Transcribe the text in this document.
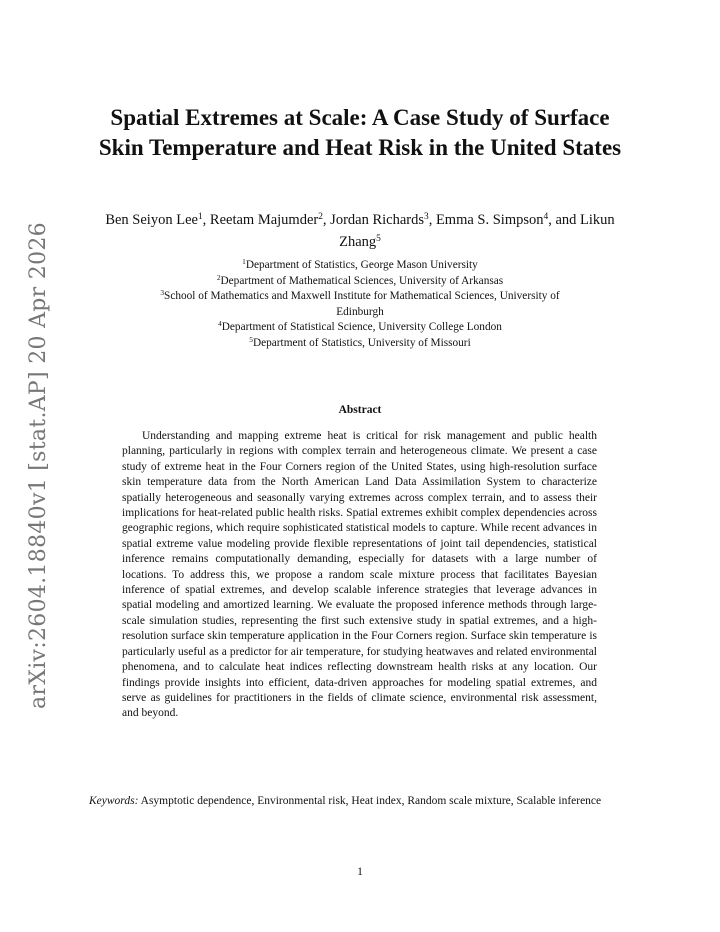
arXiv:2604.18840v1 [stat.AP] 20 Apr 2026
Spatial Extremes at Scale: A Case Study of Surface Skin Temperature and Heat Risk in the United States
Ben Seiyon Lee$^1$, Reetam Majumder$^2$, Jordan Richards$^3$, Emma S. Simpson$^4$, and Likun Zhang$^5$
$^1$Department of Statistics, George Mason University
$^2$Department of Mathematical Sciences, University of Arkansas
$^3$School of Mathematics and Maxwell Institute for Mathematical Sciences, University of
Edinburgh
$^4$Department of Statistical Science, University College London
$^5$Department of Statistics, University of Missouri
Abstract

Understanding and mapping extreme heat is critical for risk management and public health planning, particularly in regions with complex terrain and heterogeneous climate. We present a case study of extreme heat in the Four Corners region of the United States, using high-resolution surface skin temperature data from the North American Land Data Assimilation System to characterize spatially heterogeneous and seasonally varying extremes across complex terrain, and to assess their implications for heat-related public health risks. Spatial extremes exhibit complex dependencies across geographic regions, which require sophisticated statistical models to capture. While recent advances in spatial extreme value modeling provide flexible representations of joint tail dependencies, statistical inference remains computationally demanding, especially for datasets with a large number of locations. To address this, we propose a random scale mixture process that facilitates Bayesian inference of spatial extremes, and develop scalable inference strategies that leverage advances in spatial modeling and amortized learning. We evaluate the proposed inference methods through large-scale simulation studies, representing the first such extensive study in spatial extremes, and a high-resolution surface skin temperature application in the Four Corners region. Surface skin temperature is particularly useful as a predictor for air temperature, for studying heatwaves and related environmental phenomena, and to calculate heat indices reflecting downstream health risks at any location. Our findings provide insights into efficient, data-driven approaches for modeling spatial extremes, and serve as guidelines for practitioners in the fields of climate science, environmental risk assessment, and beyond.

Keywords: Asymptotic dependence, Environmental risk, Heat index, Random scale mixture, Scalable inference
1
